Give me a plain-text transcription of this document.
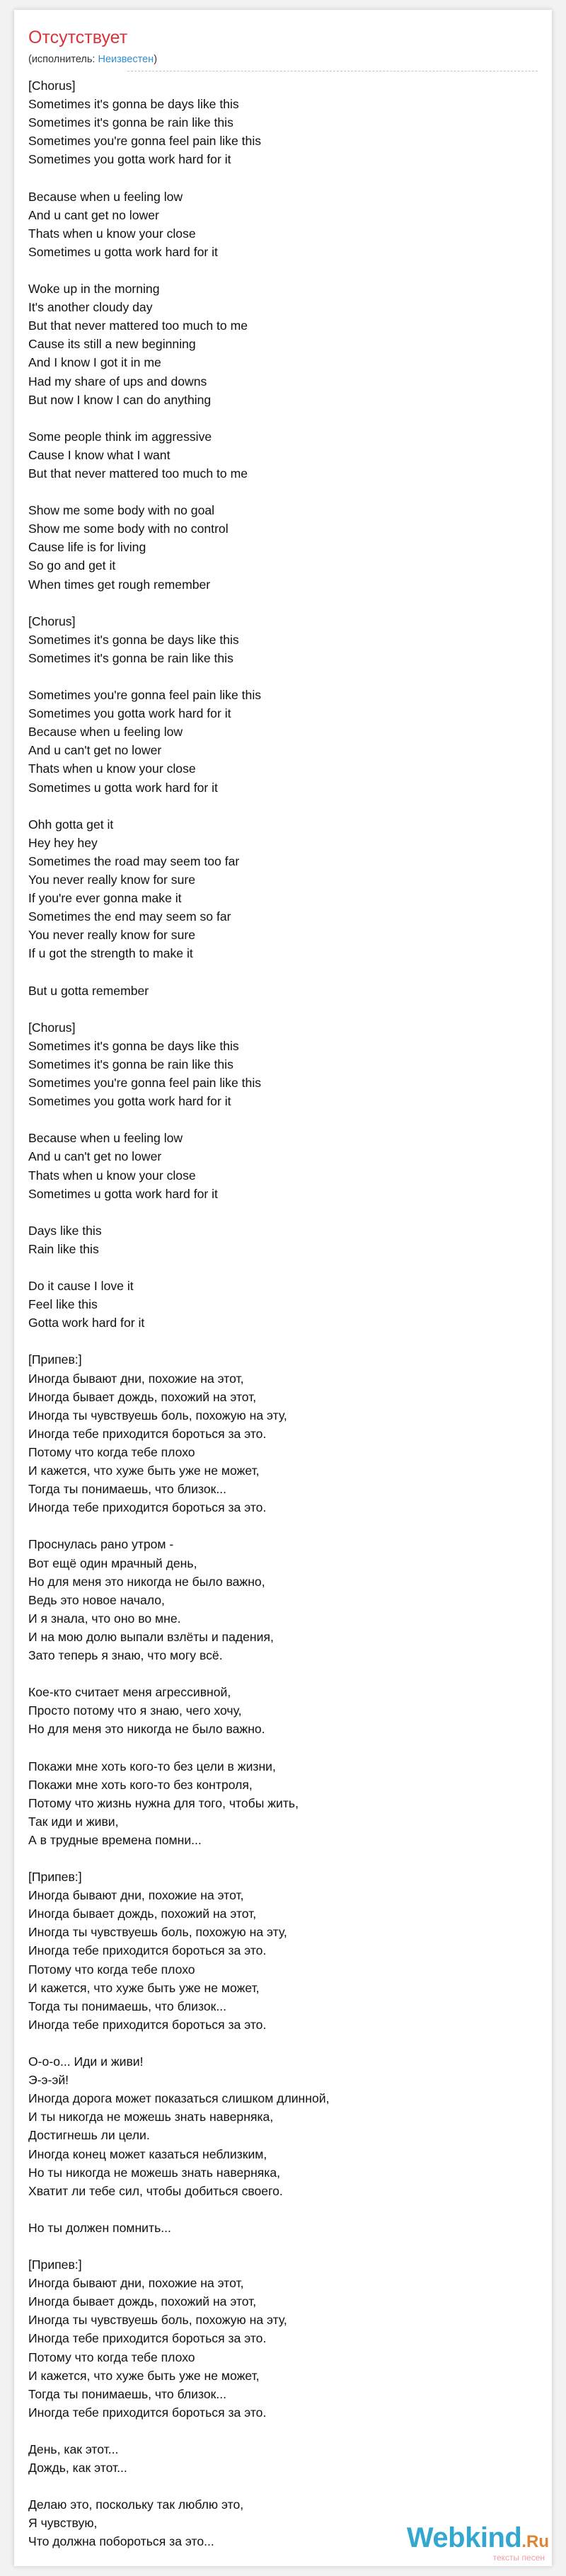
Отсутствует
(исполнитель: Неизвестен)
[Chorus]
Sometimes it's gonna be days like this
Sometimes it's gonna be rain like this
Sometimes you're gonna feel pain like this
Sometimes you gotta work hard for it
Because when u feeling low
And u cant get no lower
Thats when u know your close
Sometimes u gotta work hard for it
Woke up in the morning
It's another cloudy day
But that never mattered too much to me
Cause its still a new beginning
And I know I got it in me
Had my share of ups and downs
But now I know I can do anything
Some people think im aggressive
Cause I know what I want
But that never mattered too much to me
Show me some body with no goal
Show me some body with no control
Cause life is for living
So go and get it
When times get rough remember
[Chorus]
Sometimes it's gonna be days like this
Sometimes it's gonna be rain like this
Sometimes you're gonna feel pain like this
Sometimes you gotta work hard for it
Because when u feeling low
And u can't get no lower
Thats when u know your close
Sometimes u gotta work hard for it
Ohh gotta get it
Hey hey hey
Sometimes the road may seem too far
You never really know for sure
If you're ever gonna make it
Sometimes the end may seem so far
You never really know for sure
If u got the strength to make it
But u gotta remember
[Chorus]
Sometimes it's gonna be days like this
Sometimes it's gonna be rain like this
Sometimes you're gonna feel pain like this
Sometimes you gotta work hard for it
Because when u feeling low
And u can't get no lower
Thats when u know your close
Sometimes u gotta work hard for it
Days like this
Rain like this
Do it cause I love it
Feel like this
Gotta work hard for it
[Припев:]
Иногда бывают дни, похожие на этот,
Иногда бывает дождь, похожий на этот,
Иногда ты чувствуешь боль, похожую на эту,
Иногда тебе приходится бороться за это.
Потому что когда тебе плохо
И кажется, что хуже быть уже не может,
Тогда ты понимаешь, что близок...
Иногда тебе приходится бороться за это.
Проснулась рано утром -
Вот ещё один мрачный день,
Но для меня это никогда не было важно,
Ведь это новое начало,
И я знала, что оно во мне.
И на мою долю выпали взлёты и падения,
Зато теперь я знаю, что могу всё.
Кое-кто считает меня агрессивной,
Просто потому что я знаю, чего хочу,
Но для меня это никогда не было важно.
Покажи мне хоть кого-то без цели в жизни,
Покажи мне хоть кого-то без контроля,
Потому что жизнь нужна для того, чтобы жить,
Так иди и живи,
А в трудные времена помни...
[Припев:]
Иногда бывают дни, похожие на этот,
Иногда бывает дождь, похожий на этот,
Иногда ты чувствуешь боль, похожую на эту,
Иногда тебе приходится бороться за это.
Потому что когда тебе плохо
И кажется, что хуже быть уже не может,
Тогда ты понимаешь, что близок...
Иногда тебе приходится бороться за это.
О-о-о... Иди и живи!
Э-э-эй!
Иногда дорога может показаться слишком длинной,
И ты никогда не можешь знать наверняка,
Достигнешь ли цели.
Иногда конец может казаться неблизким,
Но ты никогда не можешь знать наверняка,
Хватит ли тебе сил, чтобы добиться своего.
Но ты должен помнить...
[Припев:]
Иногда бывают дни, похожие на этот,
Иногда бывает дождь, похожий на этот,
Иногда ты чувствуешь боль, похожую на эту,
Иногда тебе приходится бороться за это.
Потому что когда тебе плохо
И кажется, что хуже быть уже не может,
Тогда ты понимаешь, что близок...
Иногда тебе приходится бороться за это.
День, как этот...
Дождь, как этот...
Делаю это, поскольку так люблю это,
Я чувствую,
Что должна побороться за это...	Webkind.Ru
тексты песен
